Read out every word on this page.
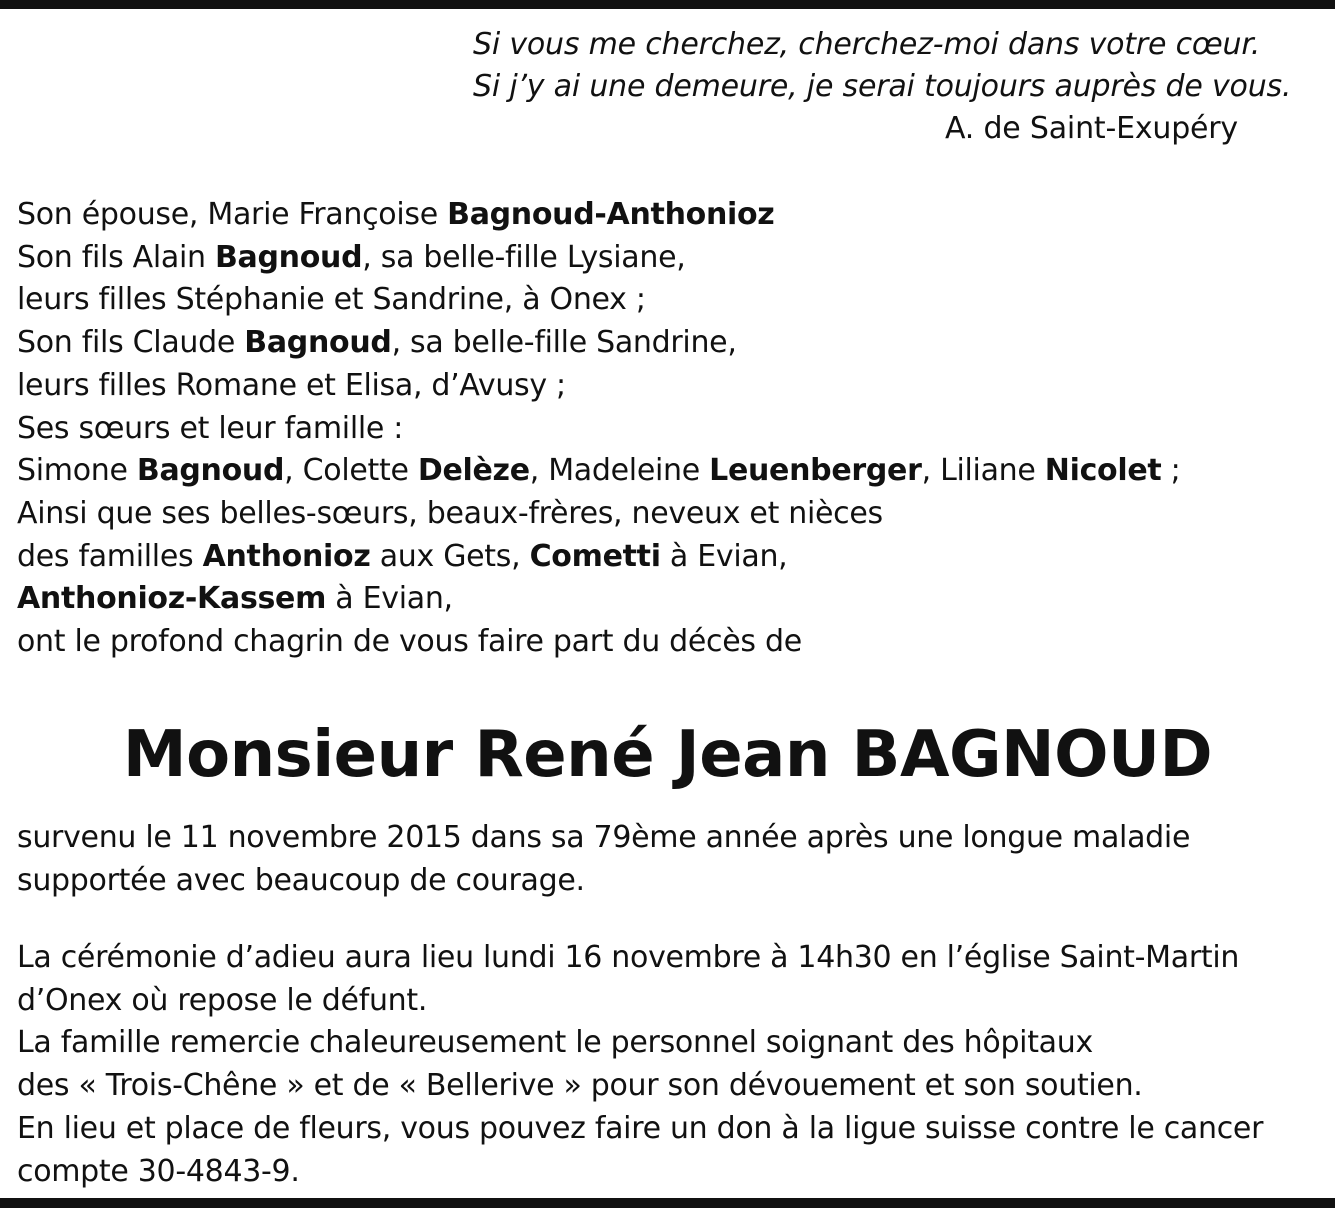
Si vous me cherchez, cherchez-moi dans votre cœur.
Si j’y ai une demeure, je serai toujours auprès de vous.
A. de Saint-Exupéry
Son épouse, Marie Françoise Bagnoud-Anthonioz
Son fils Alain Bagnoud, sa belle-fille Lysiane,
leurs filles Stéphanie et Sandrine, à Onex ;
Son fils Claude Bagnoud, sa belle-fille Sandrine,
leurs filles Romane et Elisa, d’Avusy ;
Ses sœurs et leur famille :
Simone Bagnoud, Colette Delèze, Madeleine Leuenberger, Liliane Nicolet ;
Ainsi que ses belles-sœurs, beaux-frères, neveux et nièces
des familles Anthonioz aux Gets, Cometti à Evian,
Anthonioz-Kassem à Evian,
ont le profond chagrin de vous faire part du décès de
Monsieur René Jean BAGNOUD
survenu le 11 novembre 2015 dans sa 79ème année après une longue maladie
supportée avec beaucoup de courage.
La cérémonie d’adieu aura lieu lundi 16 novembre à 14h30 en l’église Saint-Martin
d’Onex où repose le défunt.
La famille remercie chaleureusement le personnel soignant des hôpitaux
des « Trois-Chêne » et de « Bellerive » pour son dévouement et son soutien.
En lieu et place de fleurs, vous pouvez faire un don à la ligue suisse contre le cancer
compte 30-4843-9.
